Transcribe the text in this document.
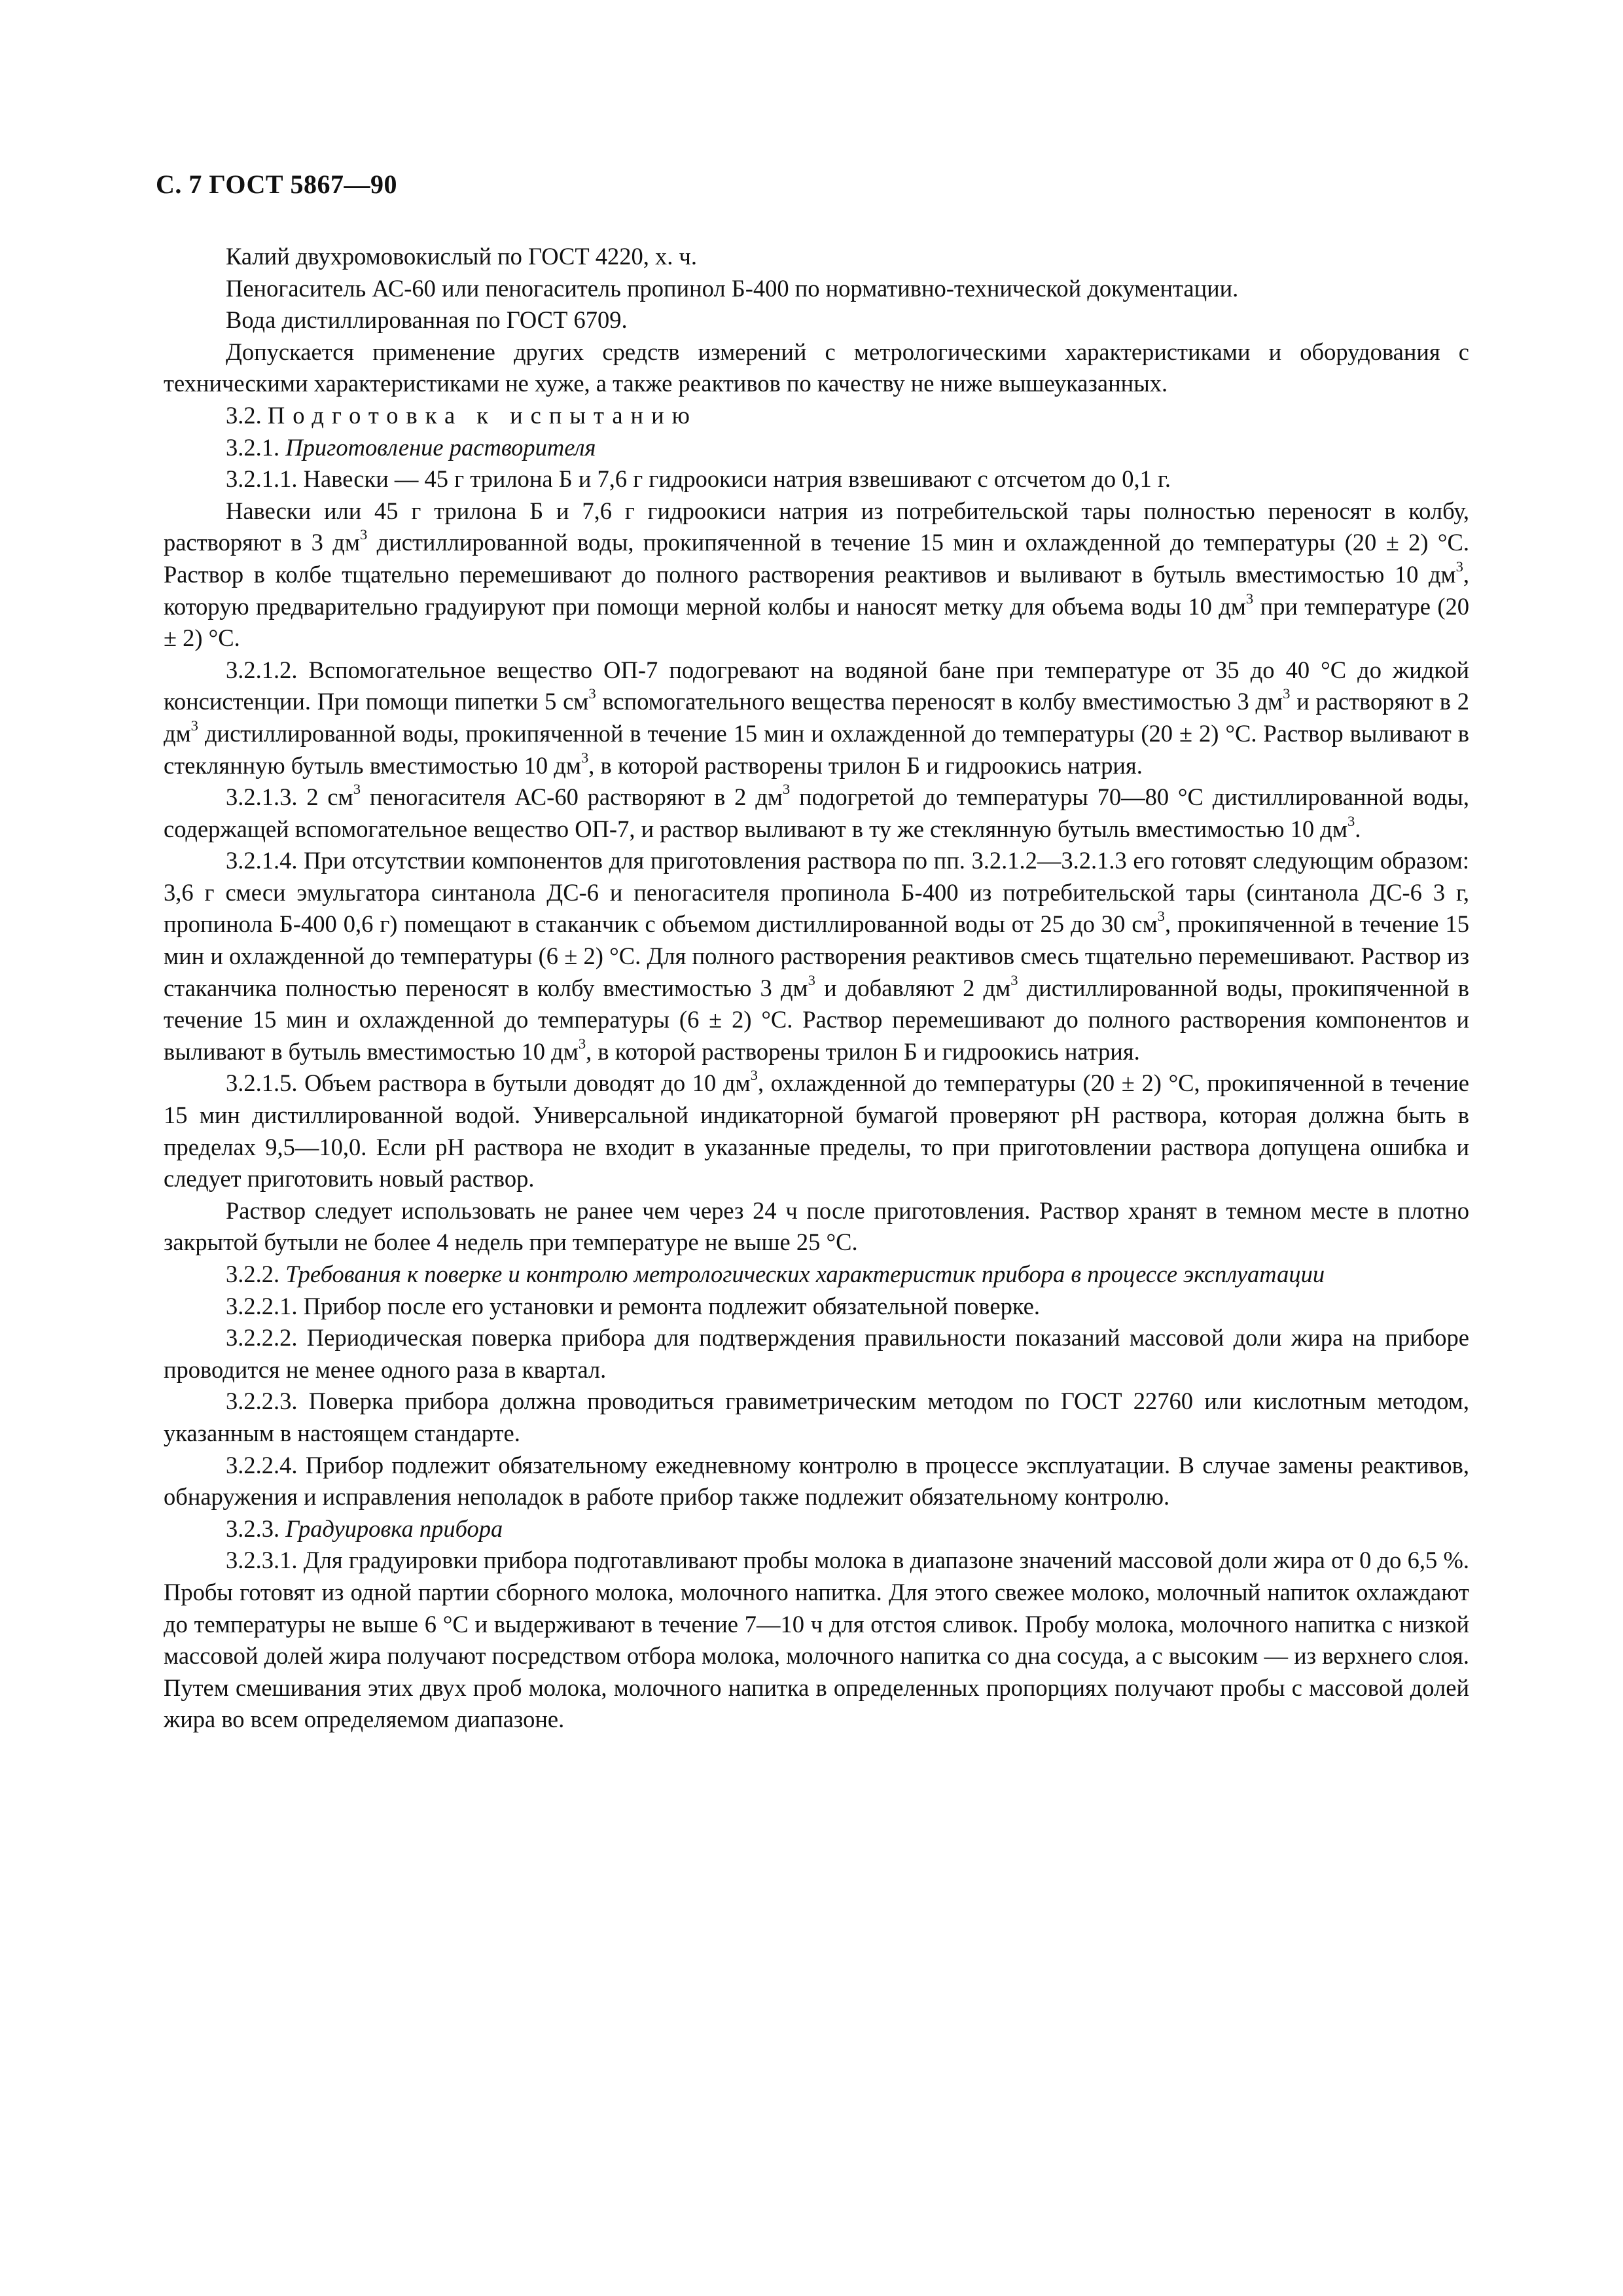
С. 7 ГОСТ 5867—90

Калий двухромовокислый по ГОСТ 4220, х. ч.

Пеногаситель АС-60 или пеногаситель пропинол Б-400 по нормативно-технической документации.

Вода дистиллированная по ГОСТ 6709.

Допускается применение других средств измерений с метрологическими характеристиками и оборудования с техническими характеристиками не хуже, а также реактивов по качеству не ниже вышеуказанных.

3.2. Подготовка к испытанию

3.2.1. Приготовление растворителя

3.2.1.1. Навески — 45 г трилона Б и 7,6 г гидроокиси натрия взвешивают с отсчетом до 0,1 г.

Навески или 45 г трилона Б и 7,6 г гидроокиси натрия из потребительской тары полностью переносят в колбу, растворяют в 3 $дм^3$ дистиллированной воды, прокипяченной в течение 15 мин и охлажденной до температуры (20 ± 2) °С. Раствор в колбе тщательно перемешивают до полного растворения реактивов и выливают в бутыль вместимостью 10 $дм^3$, которую предварительно градуируют при помощи мерной колбы и наносят метку для объема воды 10 $дм^3$ при температуре (20 ± 2) °С.

3.2.1.2. Вспомогательное вещество ОП-7 подогревают на водяной бане при температуре от 35 до 40 °С до жидкой консистенции. При помощи пипетки 5 $см^3$ вспомогательного вещества переносят в колбу вместимостью 3 $дм^3$ и растворяют в 2 $дм^3$ дистиллированной воды, прокипяченной в течение 15 мин и охлажденной до температуры (20 ± 2) °С. Раствор выливают в стеклянную бутыль вместимостью 10 $дм^3$, в которой растворены трилон Б и гидроокись натрия.

3.2.1.3. 2 $см^3$ пеногасителя АС-60 растворяют в 2 $дм^3$ подогретой до температуры 70—80 °С дистиллированной воды, содержащей вспомогательное вещество ОП-7, и раствор выливают в ту же стеклянную бутыль вместимостью 10 $дм^3$.

3.2.1.4. При отсутствии компонентов для приготовления раствора по пп. 3.2.1.2—3.2.1.3 его готовят следующим образом: 3,6 г смеси эмульгатора синтанола ДС-6 и пеногасителя пропинола Б-400 из потребительской тары (синтанола ДС-6 3 г, пропинола Б-400 0,6 г) помещают в стаканчик с объемом дистиллированной воды от 25 до 30 $см^3$, прокипяченной в течение 15 мин и охлажденной до температуры (6 ± 2) °С. Для полного растворения реактивов смесь тщательно перемешивают. Раствор из стаканчика полностью переносят в колбу вместимостью 3 $дм^3$ и добавляют 2 $дм^3$ дистиллированной воды, прокипяченной в течение 15 мин и охлажденной до температуры (6 ± 2) °С. Раствор перемешивают до полного растворения компонентов и выливают в бутыль вместимостью 10 $дм^3$, в которой растворены трилон Б и гидроокись натрия.

3.2.1.5. Объем раствора в бутыли доводят до 10 $дм^3$, охлажденной до температуры (20 ± 2) °С, прокипяченной в течение 15 мин дистиллированной водой. Универсальной индикаторной бумагой проверяют рН раствора, которая должна быть в пределах 9,5—10,0. Если рН раствора не входит в указанные пределы, то при приготовлении раствора допущена ошибка и следует приготовить новый раствор.

Раствор следует использовать не ранее чем через 24 ч после приготовления. Раствор хранят в темном месте в плотно закрытой бутыли не более 4 недель при температуре не выше 25 °С.

3.2.2. Требования к поверке и контролю метрологических характеристик прибора в процессе эксплуатации

3.2.2.1. Прибор после его установки и ремонта подлежит обязательной поверке.

3.2.2.2. Периодическая поверка прибора для подтверждения правильности показаний массовой доли жира на приборе проводится не менее одного раза в квартал.

3.2.2.3. Поверка прибора должна проводиться гравиметрическим методом по ГОСТ 22760 или кислотным методом, указанным в настоящем стандарте.

3.2.2.4. Прибор подлежит обязательному ежедневному контролю в процессе эксплуатации. В случае замены реактивов, обнаружения и исправления неполадок в работе прибор также подлежит обязательному контролю.

3.2.3. Градуировка прибора

3.2.3.1. Для градуировки прибора подготавливают пробы молока в диапазоне значений массовой доли жира от 0 до 6,5 %. Пробы готовят из одной партии сборного молока, молочного напитка. Для этого свежее молоко, молочный напиток охлаждают до температуры не выше 6 °С и выдерживают в течение 7—10 ч для отстоя сливок. Пробу молока, молочного напитка с низкой массовой долей жира получают посредством отбора молока, молочного напитка со дна сосуда, а с высоким — из верхнего слоя. Путем смешивания этих двух проб молока, молочного напитка в определенных пропорциях получают пробы с массовой долей жира во всем определяемом диапазоне.
